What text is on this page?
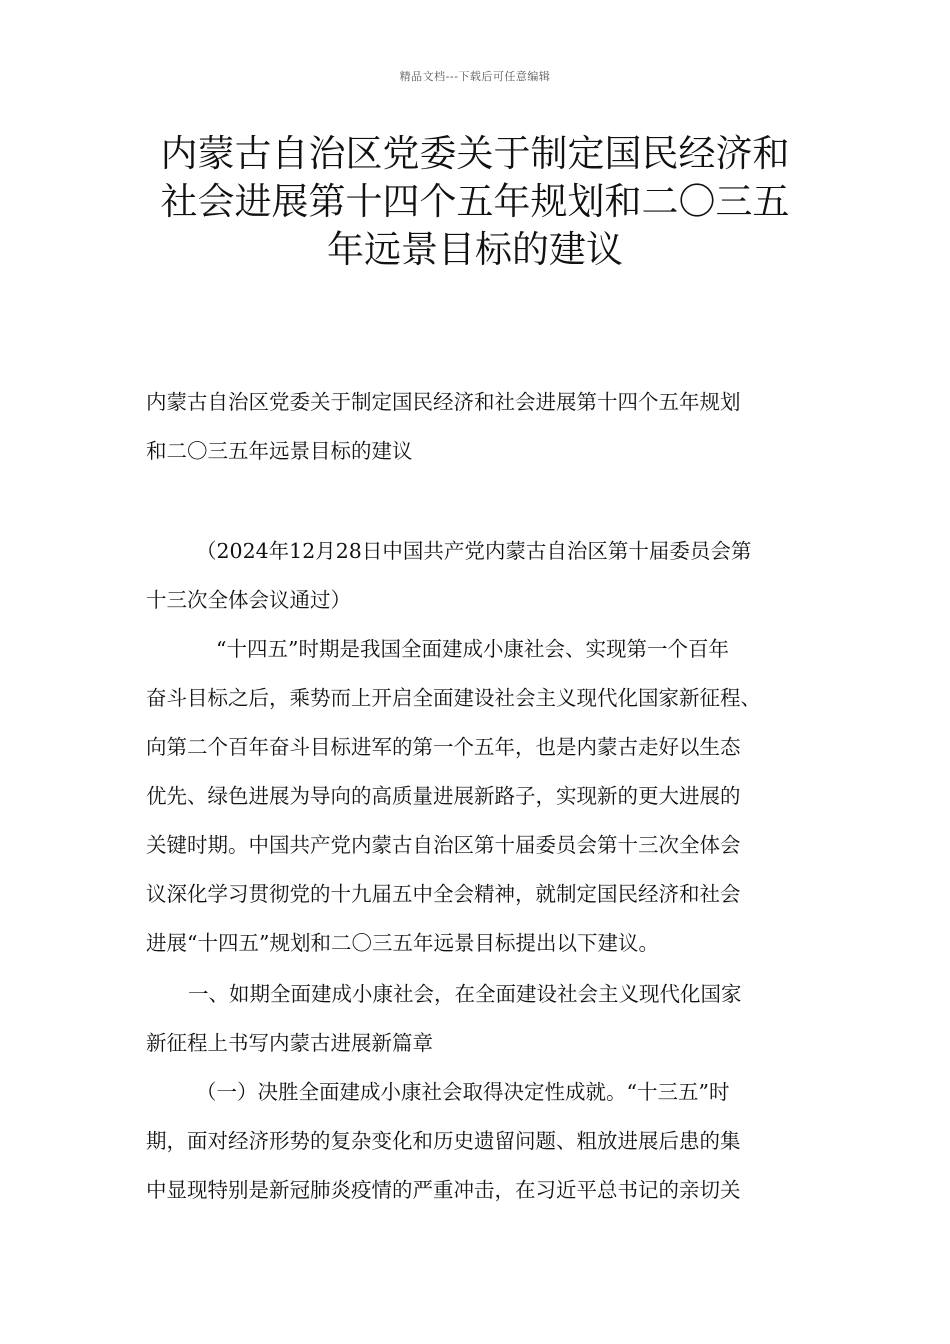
精品文档---下载后可任意编辑
内蒙古自治区党委关于制定国民经济和
社会进展第十四个五年规划和二〇三五
年远景目标的建议

内蒙古自治区党委关于制定国民经济和社会进展第十四个五年规划
和二〇三五年远景目标的建议

（2024年12月28日中国共产党内蒙古自治区第十届委员会第
十三次全体会议通过）

“十四五”时期是我国全面建成小康社会、实现第一个百年
奋斗目标之后，乘势而上开启全面建设社会主义现代化国家新征程、
向第二个百年奋斗目标进军的第一个五年，也是内蒙古走好以生态
优先、绿色进展为导向的高质量进展新路子，实现新的更大进展的
关键时期。中国共产党内蒙古自治区第十届委员会第十三次全体会
议深化学习贯彻党的十九届五中全会精神，就制定国民经济和社会
进展“十四五”规划和二〇三五年远景目标提出以下建议。

一、如期全面建成小康社会，在全面建设社会主义现代化国家
新征程上书写内蒙古进展新篇章

（一）决胜全面建成小康社会取得决定性成就。“十三五”时
期，面对经济形势的复杂变化和历史遗留问题、粗放进展后患的集
中显现特别是新冠肺炎疫情的严重冲击，在习近平总书记的亲切关
